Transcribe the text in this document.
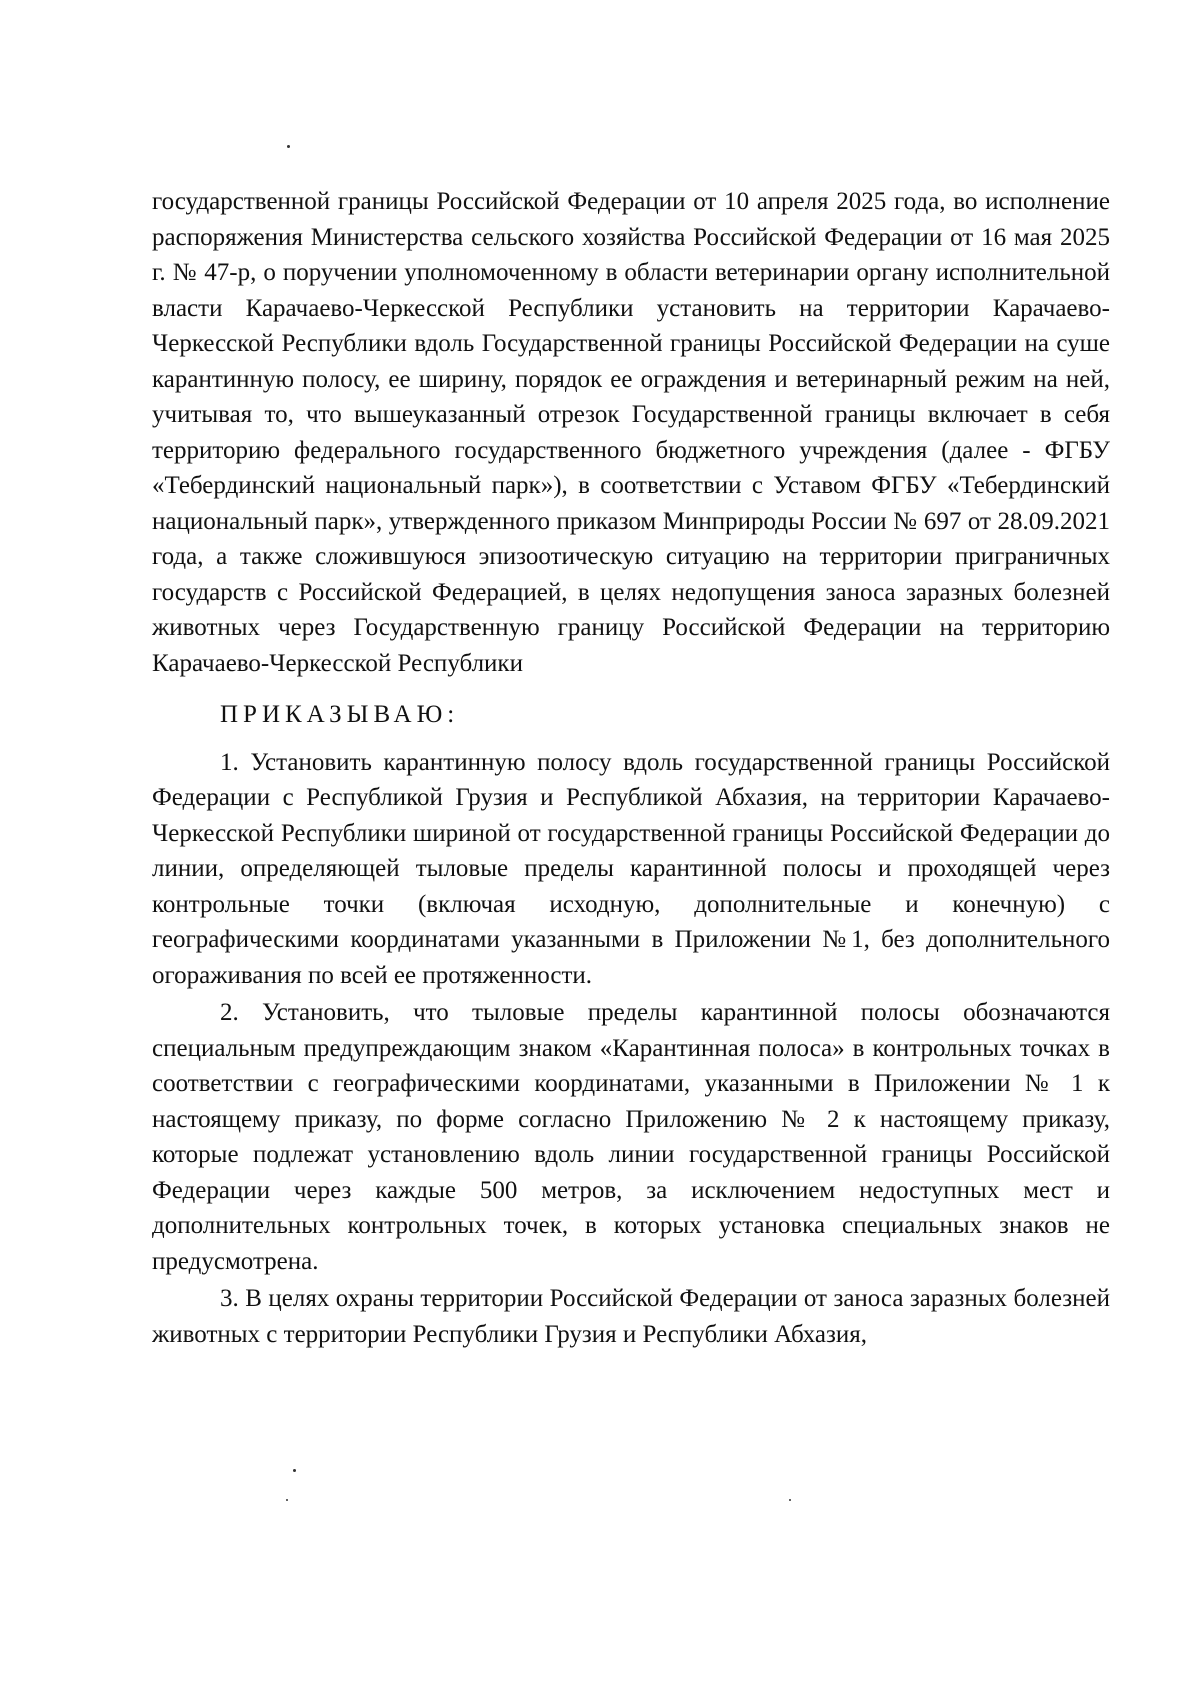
государственной границы Российской Федерации от 10 апреля 2025 года, во исполнение распоряжения Министерства сельского хозяйства Российской Федерации от 16 мая 2025 г. № 47-р, о поручении уполномоченному в области ветеринарии органу исполнительной власти Карачаево-Черкесской Республики установить на территории Карачаево-Черкесской Республики вдоль Государственной границы Российской Федерации на суше карантинную полосу, ее ширину, порядок ее ограждения и ветеринарный режим на ней, учитывая то, что вышеуказанный отрезок Государственной границы включает в себя территорию федерального государственного бюджетного учреждения (далее - ФГБУ «Тебердинский национальный парк»), в соответствии с Уставом ФГБУ «Тебердинский национальный парк», утвержденного приказом Минприроды России № 697 от 28.09.2021 года, а также сложившуюся эпизоотическую ситуацию на территории приграничных государств с Российской Федерацией, в целях недопущения заноса заразных болезней животных через Государственную границу Российской Федерации на территорию Карачаево-Черкесской Республики

ПРИКАЗЫВАЮ:

1. Установить карантинную полосу вдоль государственной границы Российской Федерации с Республикой Грузия и Республикой Абхазия, на территории Карачаево-Черкесской Республики шириной от государственной границы Российской Федерации до линии, определяющей тыловые пределы карантинной полосы и проходящей через контрольные точки (включая исходную, дополнительные и конечную) с географическими координатами указанными в Приложении №1, без дополнительного огораживания по всей ее протяженности.

2. Установить, что тыловые пределы карантинной полосы обозначаются специальным предупреждающим знаком «Карантинная полоса» в контрольных точках в соответствии с географическими координатами, указанными в Приложении № 1 к настоящему приказу, по форме согласно Приложению № 2 к настоящему приказу, которые подлежат установлению вдоль линии государственной границы Российской Федерации через каждые 500 метров, за исключением недоступных мест и дополнительных контрольных точек, в которых установка специальных знаков не предусмотрена.

3. В целях охраны территории Российской Федерации от заноса заразных болезней животных с территории Республики Грузия и Республики Абхазия,
